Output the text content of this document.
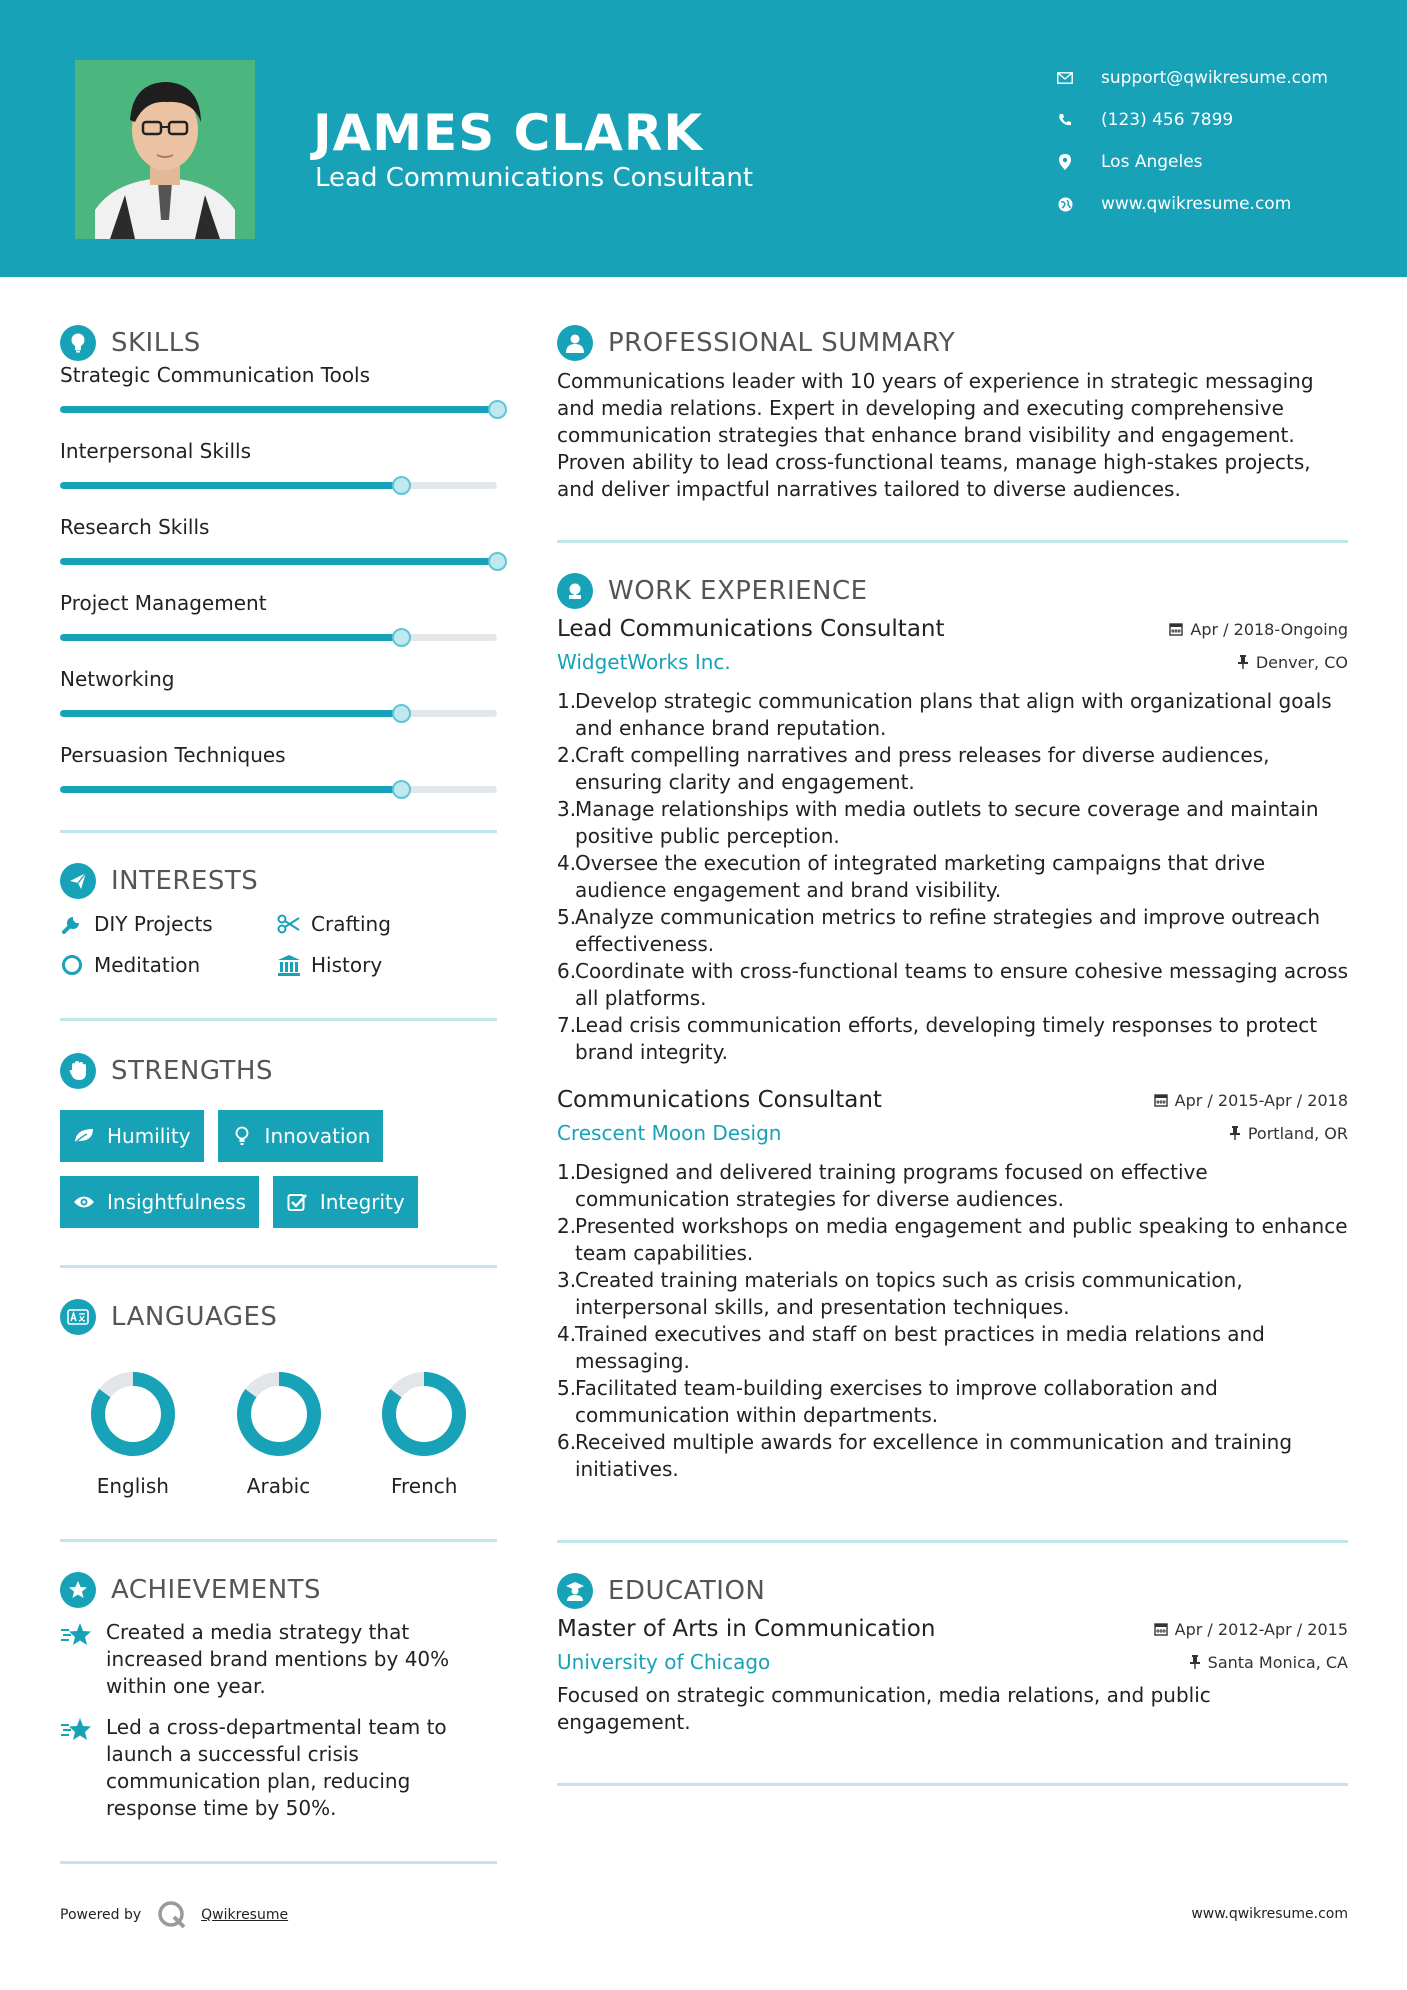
JAMES CLARK
Lead Communications Consultant
support@qwikresume.com
(123) 456 7899
Los Angeles
www.qwikresume.com
SKILLS
Strategic Communication Tools
Interpersonal Skills
Research Skills
Project Management
Networking
Persuasion Techniques
INTERESTS
DIY Projects	Crafting
Meditation	History
STRENGTHS
Humility	Innovation
Insightfulness	Integrity
LANGUAGES
English	Arabic	French
ACHIEVEMENTS
Created a media strategy that increased brand mentions by 40% within one year.
Led a cross-departmental team to launch a successful crisis communication plan, reducing response time by 50%.
PROFESSIONAL SUMMARY
Communications leader with 10 years of experience in strategic messaging and media relations. Expert in developing and executing comprehensive communication strategies that enhance brand visibility and engagement. Proven ability to lead cross-functional teams, manage high-stakes projects, and deliver impactful narratives tailored to diverse audiences.
WORK EXPERIENCE
Lead Communications Consultant	Apr / 2018-Ongoing
WidgetWorks Inc.	Denver, CO
1.
Develop strategic communication plans that align with organizational goals and enhance brand reputation.
2.
Craft compelling narratives and press releases for diverse audiences, ensuring clarity and engagement.
3.
Manage relationships with media outlets to secure coverage and maintain positive public perception.
4.
Oversee the execution of integrated marketing campaigns that drive audience engagement and brand visibility.
5.
Analyze communication metrics to refine strategies and improve outreach effectiveness.
6.
Coordinate with cross-functional teams to ensure cohesive messaging across all platforms.
7.
Lead crisis communication efforts, developing timely responses to protect brand integrity.
Communications Consultant	Apr / 2015-Apr / 2018
Crescent Moon Design	Portland, OR
1.
Designed and delivered training programs focused on effective communication strategies for diverse audiences.
2.
Presented workshops on media engagement and public speaking to enhance team capabilities.
3.
Created training materials on topics such as crisis communication, interpersonal skills, and presentation techniques.
4.
Trained executives and staff on best practices in media relations and messaging.
5.
Facilitated team-building exercises to improve collaboration and communication within departments.
6.
Received multiple awards for excellence in communication and training initiatives.
EDUCATION
Master of Arts in Communication	Apr / 2012-Apr / 2015
University of Chicago	Santa Monica, CA
Focused on strategic communication, media relations, and public engagement.
Powered by	Qwikresume	www.qwikresume.com
